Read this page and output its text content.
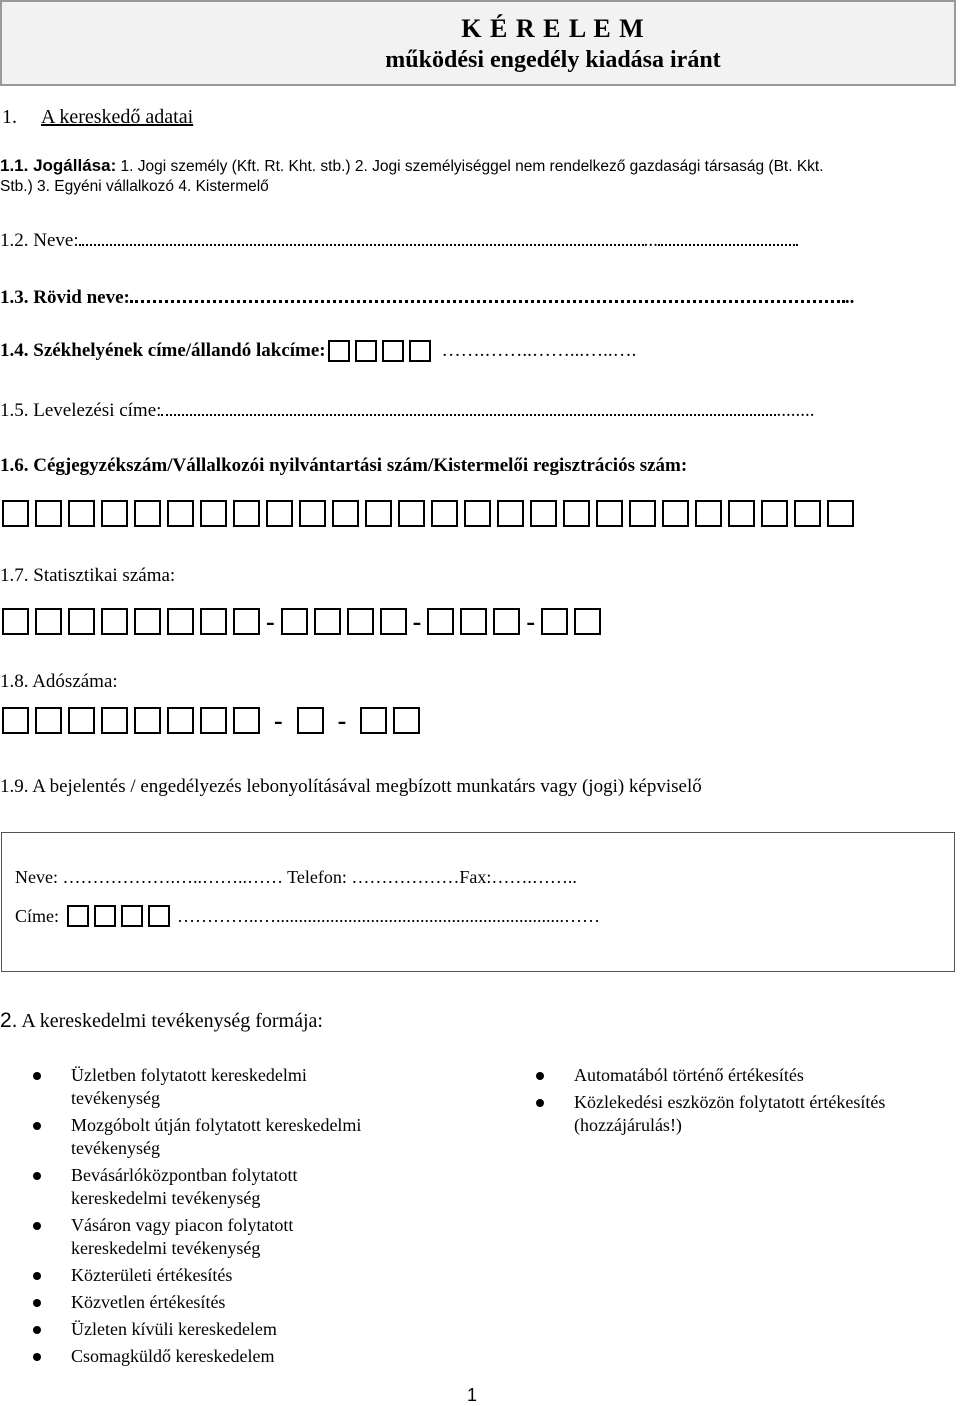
K É R E L E M
működési engedély kiadása iránt
1. A kereskedő adatai
1.1. Jogállása: 1. Jogi személy (Kft. Rt. Kht. stb.) 2. Jogi személyiséggel nem rendelkező gazdasági társaság (Bt. Kkt.
Stb.) 3. Egyéni vállalkozó 4. Kistermelő
1.2. Neve:	...
1.3. Rövid neve:	..
1.4. Székhelyének címe/állandó lakcíme:	…….……..……...…..….
1.5. Levelezési címe:	........
1.6. Cégjegyzékszám/Vállalkozói nyilvántartási szám/Kistermelői regisztrációs szám:
1.7. Statisztikai száma:
-	-	-
1.8. Adószáma:
- -
1.9. A bejelentés / engedélyezés lebonyolításával megbízott munkatárs vagy (jogi) képviselő
Neve: ……………….…..……..…… Telefon: ………………Fax:…….……..
Címe:	…………..…................................................................……
2. A kereskedelmi tevékenység formája:
Üzletben folytatott kereskedelmi tevékenység
Mozgóbolt útján folytatott kereskedelmi tevékenység
Bevásárlóközpontban folytatott kereskedelmi tevékenység
Vásáron vagy piacon folytatott kereskedelmi tevékenység
Közterületi értékesítés
Közvetlen értékesítés
Üzleten kívüli kereskedelem
Csomagküldő kereskedelem
Automatából történő értékesítés
Közlekedési eszközön folytatott értékesítés (hozzájárulás!)
1
